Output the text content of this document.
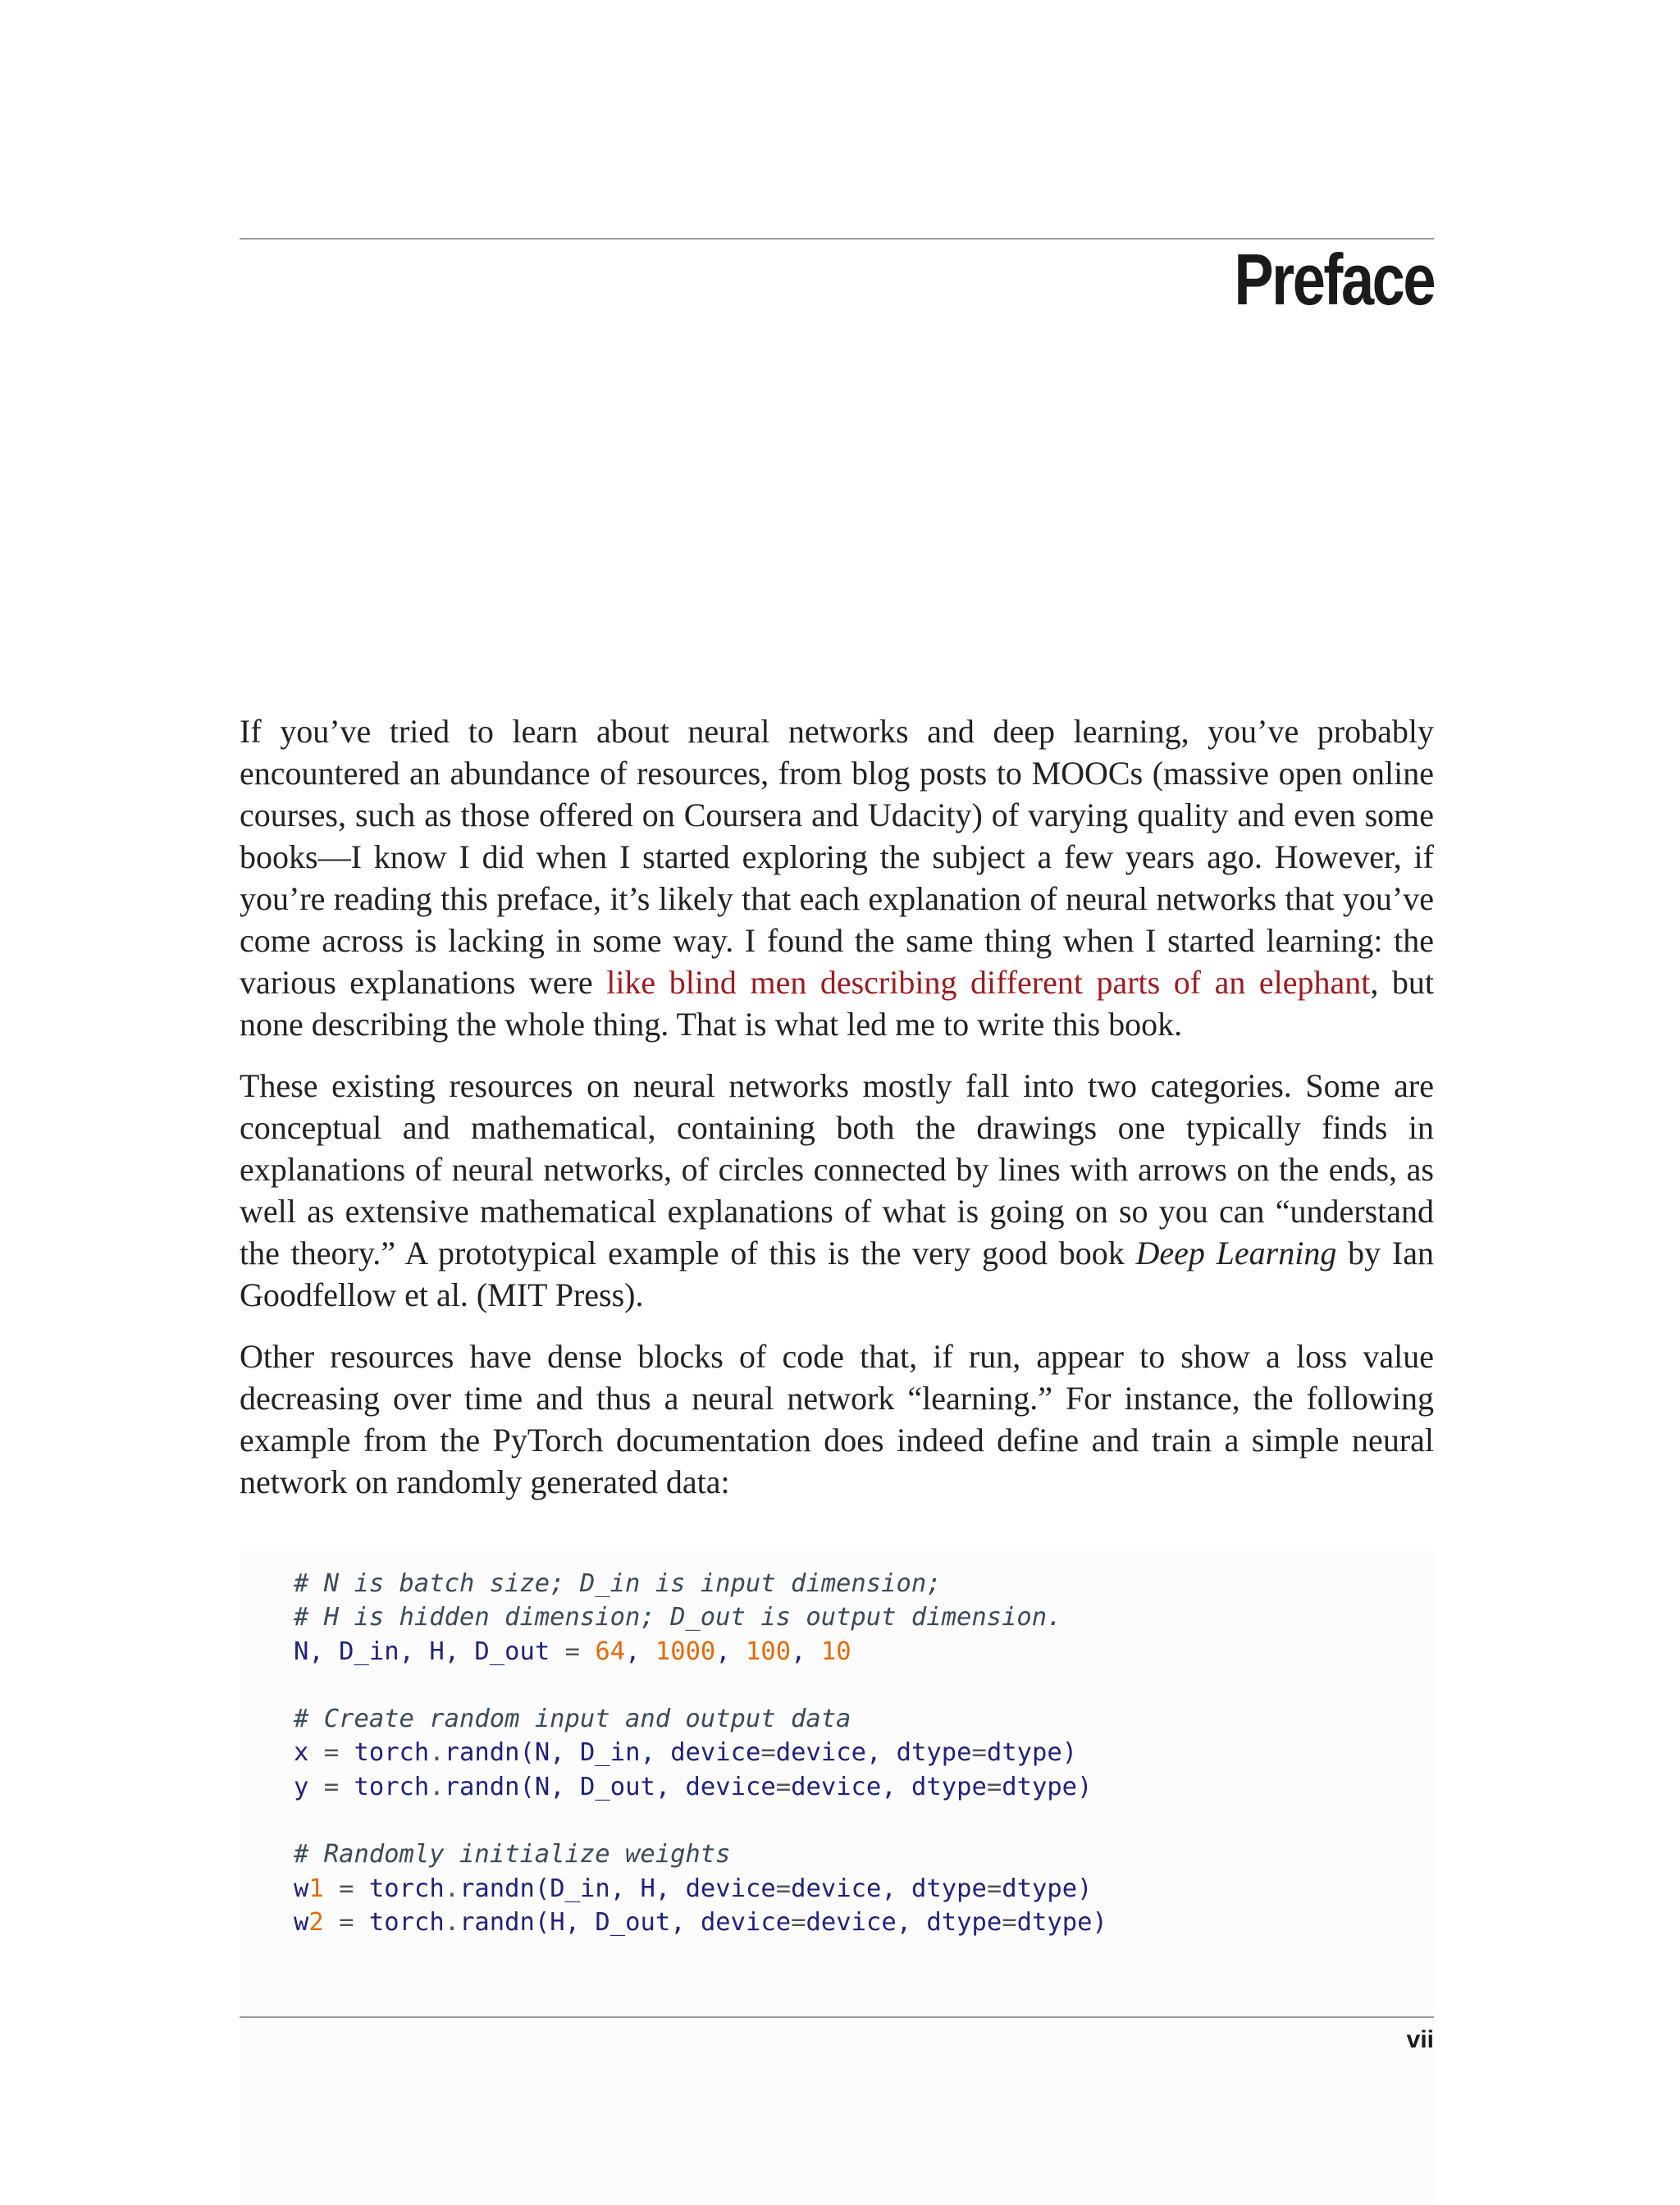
Preface

If you’ve tried to learn about neural networks and deep learning, you’ve probably encountered an abundance of resources, from blog posts to MOOCs (massive open online courses, such as those offered on Coursera and Udacity) of varying quality and even some books—I know I did when I started exploring the subject a few years ago. However, if you’re reading this preface, it’s likely that each explanation of neural networks that you’ve come across is lacking in some way. I found the same thing when I started learning: the various explanations were like blind men describing different parts of an elephant, but none describing the whole thing. That is what led me to write this book.

These existing resources on neural networks mostly fall into two categories. Some are conceptual and mathematical, containing both the drawings one typically finds in explanations of neural networks, of circles connected by lines with arrows on the ends, as well as extensive mathematical explanations of what is going on so you can “understand the theory.” A prototypical example of this is the very good book Deep Learning by Ian Goodfellow et al. (MIT Press).

Other resources have dense blocks of code that, if run, appear to show a loss value decreasing over time and thus a neural network “learning.” For instance, the following example from the PyTorch documentation does indeed define and train a simple neural network on randomly generated data:

# N is batch size; D_in is input dimension;
# H is hidden dimension; D_out is output dimension.
N, D_in, H, D_out = 64, 1000, 100, 10

# Create random input and output data
x = torch.randn(N, D_in, device=device, dtype=dtype)
y = torch.randn(N, D_out, device=device, dtype=dtype)

# Randomly initialize weights
w1 = torch.randn(D_in, H, device=device, dtype=dtype)
w2 = torch.randn(H, D_out, device=device, dtype=dtype)
vii
